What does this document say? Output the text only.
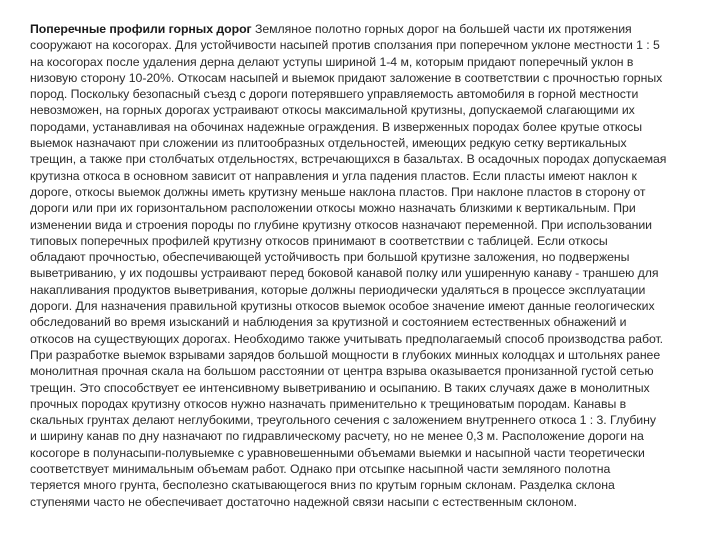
Поперечные профили горных дорог Земляное полотно горных дорог на большей части их протяжения
сооружают на косогорах. Для устойчивости насыпей против сползания при поперечном уклоне местности 1 : 5
на косогорах после удаления дерна делают уступы шириной 1-4 м, которым придают поперечный уклон в
низовую сторону 10-20%. Откосам насыпей и выемок придают заложение в соответствии с прочностью горных
пород. Поскольку безопасный съезд с дороги потерявшего управляемость автомобиля в горной местности
невозможен, на горных дорогах устраивают откосы максимальной крутизны, допускаемой слагающими их
породами, устанавливая на обочинах надежные ограждения. В изверженных породах более крутые откосы
выемок назначают при сложении из плитообразных отдельностей, имеющих редкую сетку вертикальных
трещин, а также при столбчатых отдельностях, встречающихся в базальтах. В осадочных породах допускаемая
крутизна откоса в основном зависит от направления и угла падения пластов. Если пласты имеют наклон к
дороге, откосы выемок должны иметь крутизну меньше наклона пластов. При наклоне пластов в сторону от
дороги или при их горизонтальном расположении откосы можно назначать близкими к вертикальным. При
изменении вида и строения породы по глубине крутизну откосов назначают переменной. При использовании
типовых поперечных профилей крутизну откосов принимают в соответствии с таблицей. Если откосы
обладают прочностью, обеспечивающей устойчивость при большой крутизне заложения, но подвержены
выветриванию, у их подошвы устраивают перед боковой канавой полку или уширенную канаву - траншею для
накапливания продуктов выветривания, которые должны периодически удаляться в процессе эксплуатации
дороги. Для назначения правильной крутизны откосов выемок особое значение имеют данные геологических
обследований во время изысканий и наблюдения за крутизной и состоянием естественных обнажений и
откосов на существующих дорогах. Необходимо также учитывать предполагаемый способ производства работ.
При разработке выемок взрывами зарядов большой мощности в глубоких минных колодцах и штольнях ранее
монолитная прочная скала на большом расстоянии от центра взрыва оказывается пронизанной густой сетью
трещин. Это способствует ее интенсивному выветриванию и осыпанию. В таких случаях даже в монолитных
прочных породах крутизну откосов нужно назначать применительно к трещиноватым породам. Канавы в
скальных грунтах делают неглубокими, треугольного сечения с заложением внутреннего откоса 1 : 3. Глубину
и ширину канав по дну назначают по гидравлическому расчету, но не менее 0,3 м. Расположение дороги на
косогоре в полунасыпи-полувыемке с уравновешенными объемами выемки и насыпной части теоретически
соответствует минимальным объемам работ. Однако при отсыпке насыпной части земляного полотна
теряется много грунта, бесполезно скатывающегося вниз по крутым горным склонам. Разделка склона
ступенями часто не обеспечивает достаточно надежной связи насыпи с естественным склоном.
